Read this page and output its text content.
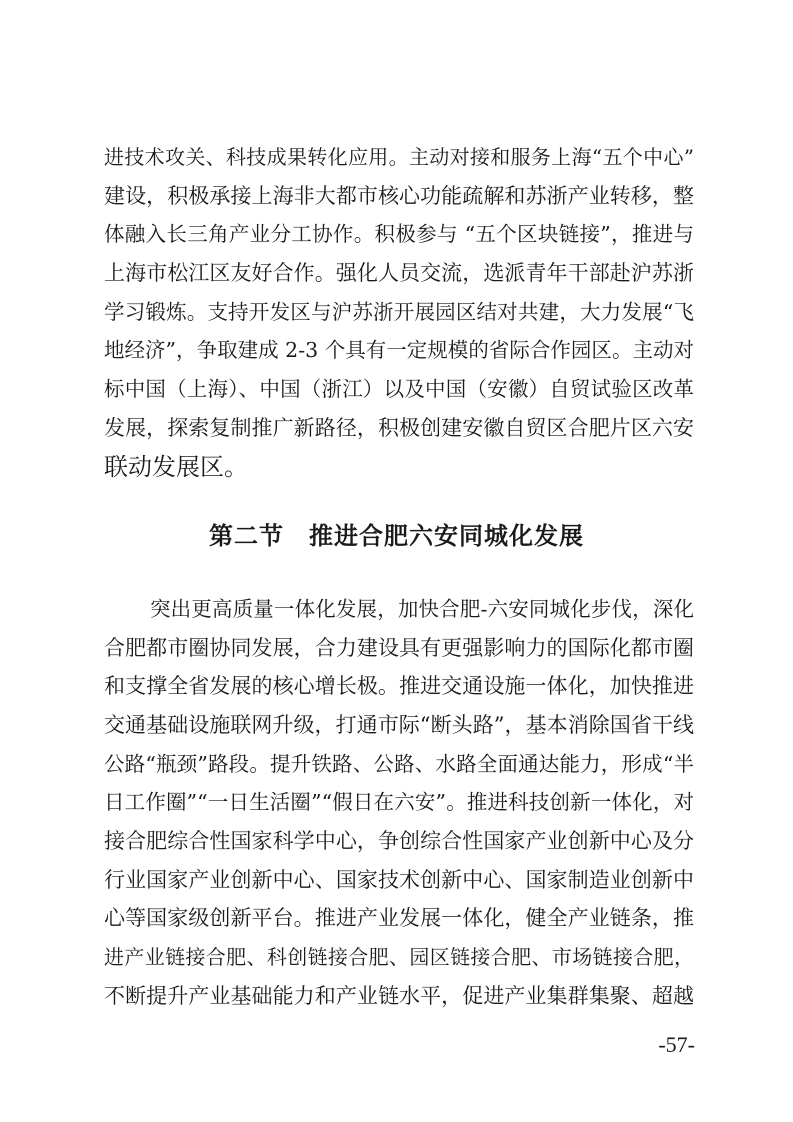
进技术攻关、科技成果转化应用。主动对接和服务上海“五个中心”
建设，积极承接上海非大都市核心功能疏解和苏浙产业转移，整
体融入长三角产业分工协作。积极参与 “五个区块链接”，推进与
上海市松江区友好合作。强化人员交流，选派青年干部赴沪苏浙
学习锻炼。支持开发区与沪苏浙开展园区结对共建，大力发展“飞
地经济”，争取建成 2-3 个具有一定规模的省际合作园区。主动对
标中国（上海）、中国（浙江）以及中国（安徽）自贸试验区改革
发展，探索复制推广新路径，积极创建安徽自贸区合肥片区六安
联动发展区。
第二节　推进合肥六安同城化发展
突出更高质量一体化发展，加快合肥-六安同城化步伐，深化
合肥都市圈协同发展，合力建设具有更强影响力的国际化都市圈
和支撑全省发展的核心增长极。推进交通设施一体化，加快推进
交通基础设施联网升级，打通市际“断头路”，基本消除国省干线
公路“瓶颈”路段。提升铁路、公路、水路全面通达能力，形成“半
日工作圈”“一日生活圈”“假日在六安”。推进科技创新一体化，对
接合肥综合性国家科学中心，争创综合性国家产业创新中心及分
行业国家产业创新中心、国家技术创新中心、国家制造业创新中
心等国家级创新平台。推进产业发展一体化，健全产业链条，推
进产业链接合肥、科创链接合肥、园区链接合肥、市场链接合肥，
不断提升产业基础能力和产业链水平，促进产业集群集聚、超越
-57-
